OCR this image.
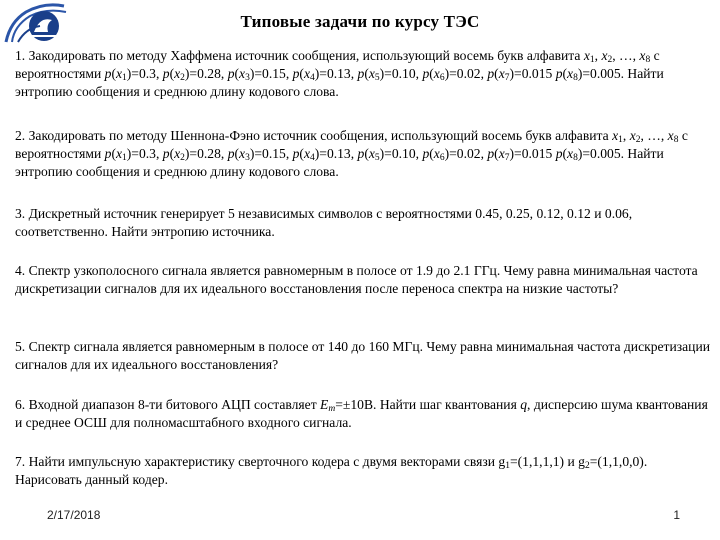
Типовые задачи по курсу ТЭС

1. Закодировать по методу Хаффмена источник сообщения, использующий восемь букв алфавита $x_1$, $x_2$, …, $x_8$ с вероятностями $p(x_1)=0.3$, $p(x_2)=0.28$, $p(x_3)=0.15$, $p(x_4)=0.13$, $p(x_5)=0.10$, $p(x_6)=0.02$, $p(x_7)=0.015$ $p(x_8)=0.005$. Найти энтропию сообщения и среднюю длину кодового слова.

2. Закодировать по методу Шеннона-Фэно источник сообщения, использующий восемь букв алфавита $x_1$, $x_2$, …, $x_8$ с вероятностями $p(x_1)=0.3$, $p(x_2)=0.28$, $p(x_3)=0.15$, $p(x_4)=0.13$, $p(x_5)=0.10$, $p(x_6)=0.02$, $p(x_7)=0.015$ $p(x_8)=0.005$. Найти энтропию сообщения и среднюю длину кодового слова.

3. Дискретный источник генерирует 5 независимых символов с вероятностями 0.45, 0.25, 0.12, 0.12 и 0.06, соответственно. Найти энтропию источника.

4. Спектр узкополосного сигнала является равномерным в полосе от 1.9 до 2.1 ГГц. Чему равна минимальная частота дискретизации сигналов для их идеального восстановления после переноса спектра на низкие частоты?

5. Спектр сигнала является равномерным в полосе от 140 до 160 МГц. Чему равна минимальная частота дискретизации сигналов для их идеального восстановления?

6. Входной диапазон 8-ти битового АЦП составляет $E_m=\pm 10В$. Найти шаг квантования q, дисперсию шума квантования и среднее ОСШ для полномасштабного входного сигнала.

7. Найти импульсную характеристику сверточного кодера с двумя векторами связи $g_1=(1,1,1,1)$ и $g_2=(1,1,0,0)$. Нарисовать данный кодер.

2/17/2018	1
